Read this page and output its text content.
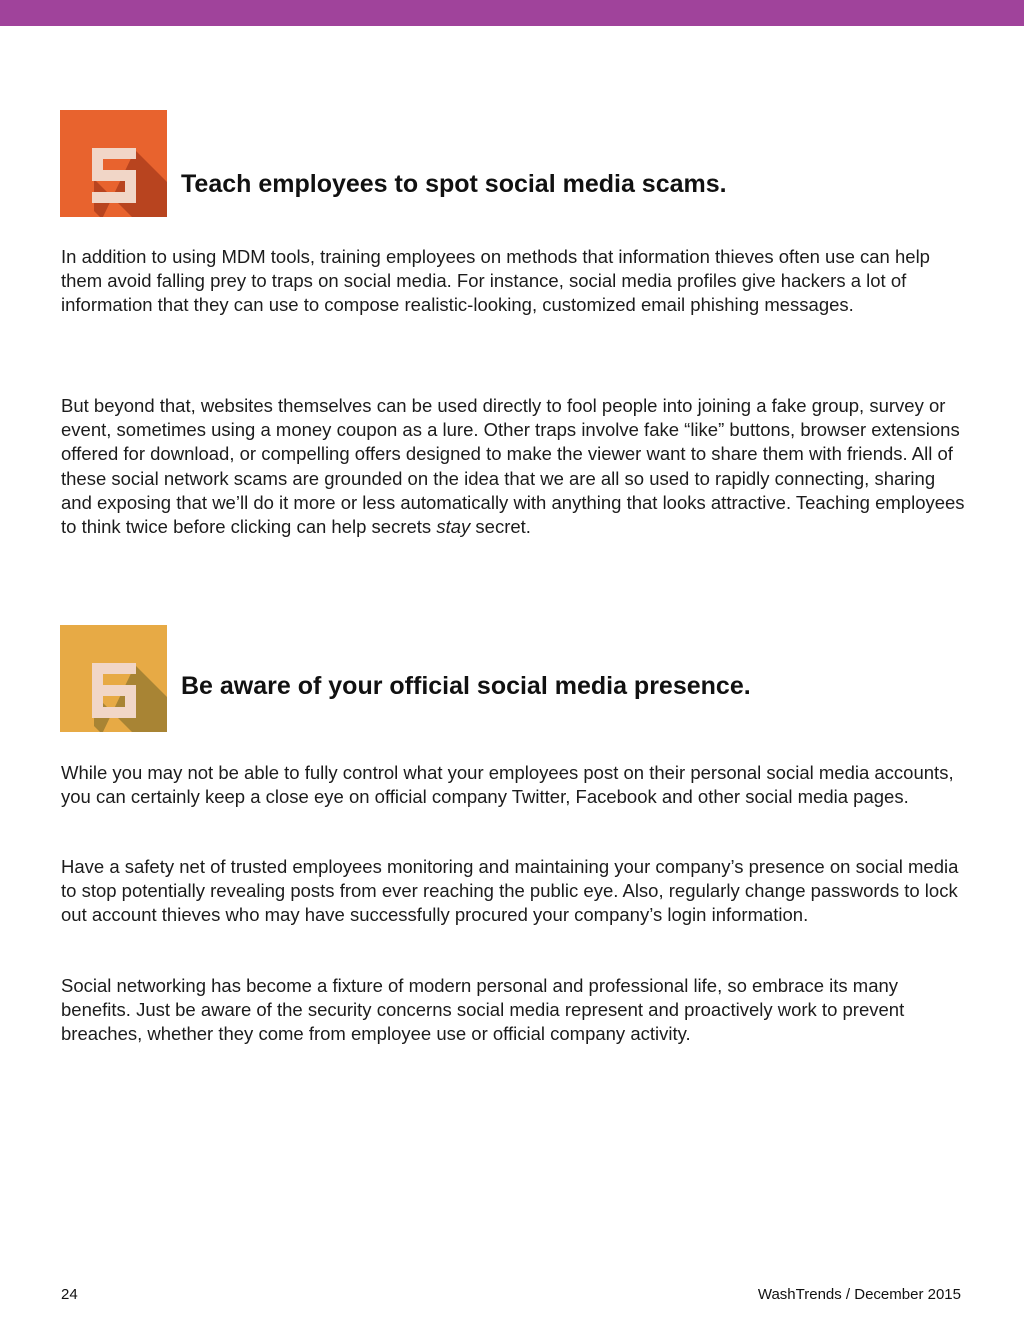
Teach employees to spot social media scams.

In addition to using MDM tools, training employees on methods that information thieves often use can help them avoid falling prey to traps on social media. For instance, social media profiles give hackers a lot of information that they can use to compose realistic-looking, customized email phishing messages.

But beyond that, websites themselves can be used directly to fool people into joining a fake group, survey or event, sometimes using a money coupon as a lure. Other traps involve fake “like” buttons, browser extensions offered for download, or compelling offers designed to make the viewer want to share them with friends. All of these social network scams are grounded on the idea that we are all so used to rapidly connecting, sharing and exposing that we’ll do it more or less automatically with anything that looks attractive. Teaching employees to think twice before clicking can help secrets stay secret.

Be aware of your official social media presence.

While you may not be able to fully control what your employees post on their personal social media accounts, you can certainly keep a close eye on official company Twitter, Facebook and other social media pages.

Have a safety net of trusted employees monitoring and maintaining your company’s presence on social media to stop potentially revealing posts from ever reaching the public eye. Also, regularly change passwords to lock out account thieves who may have successfully procured your company’s login information.

Social networking has become a fixture of modern personal and professional life, so embrace its many benefits. Just be aware of the security concerns social media represent and proactively work to prevent breaches, whether they come from employee use or official company activity.

24	WashTrends / December 2015
